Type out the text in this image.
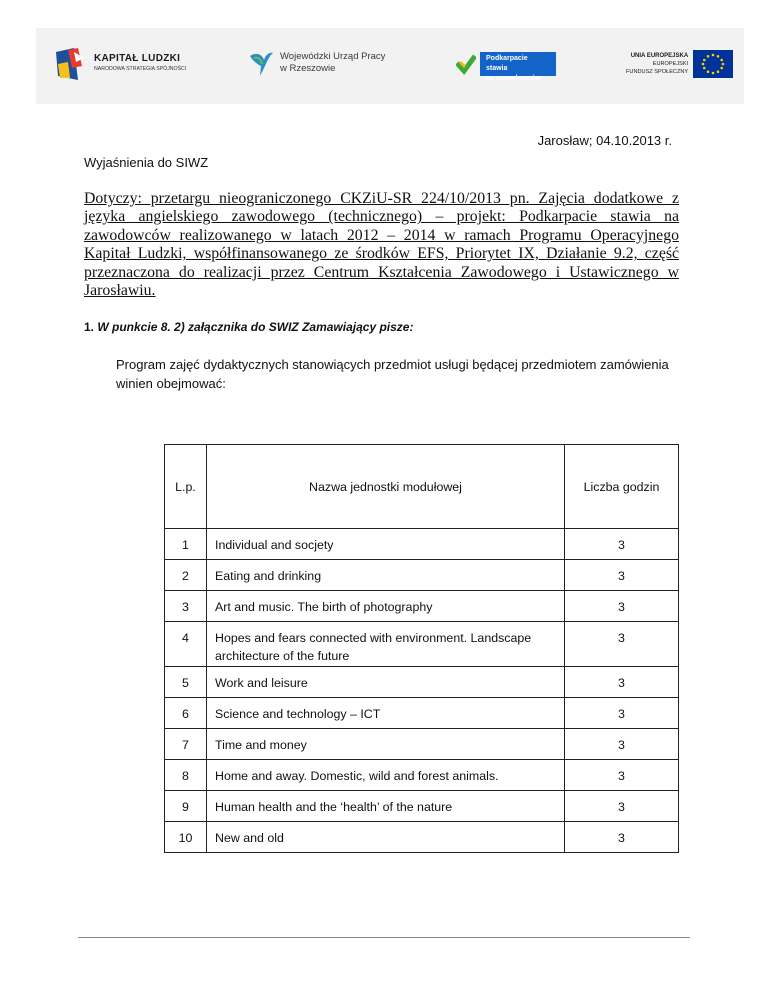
KAPITAŁ LUDZKI
NARODOWA STRATEGIA SPÓJNOŚCI
Wojewódzki Urząd Pracy
w Rzeszowie
Podkarpacie stawia
na zawodowców
UNIA EUROPEJSKA
EUROPEJSKI
FUNDUSZ SPOŁECZNY
Jarosław; 04.10.2013 r.
Wyjaśnienia do SIWZ
Dotyczy: przetargu nieograniczonego CKZiU-SR 224/10/2013 pn. Zajęcia dodatkowe z języka angielskiego zawodowego (technicznego) – projekt: Podkarpacie stawia na zawodowców realizowanego w latach 2012 – 2014 w ramach Programu Operacyjnego Kapitał Ludzki, współfinansowanego ze środków EFS, Priorytet IX, Działanie 9.2, część przeznaczona do realizacji przez Centrum Kształcenia Zawodowego i Ustawicznego w Jarosławiu.
1. W punkcie 8. 2) załącznika do SWIZ Zamawiający pisze:
Program zajęć dydaktycznych stanowiących przedmiot usługi będącej przedmiotem zamówienia winien obejmować:
L.p.	Nazwa jednostki modułowej	Liczba godzin
1	Individual and socjety	3
2	Eating and drinking	3
3	Art and music. The birth of photography	3
4	Hopes and fears connected with environment. Landscape architecture of the future	3
5	Work and leisure	3
6	Science and technology – ICT	3
7	Time and money	3
8	Home and away. Domestic, wild and forest animals.	3
9	Human health and the ‘health’ of the nature	3
10	New and old	3
